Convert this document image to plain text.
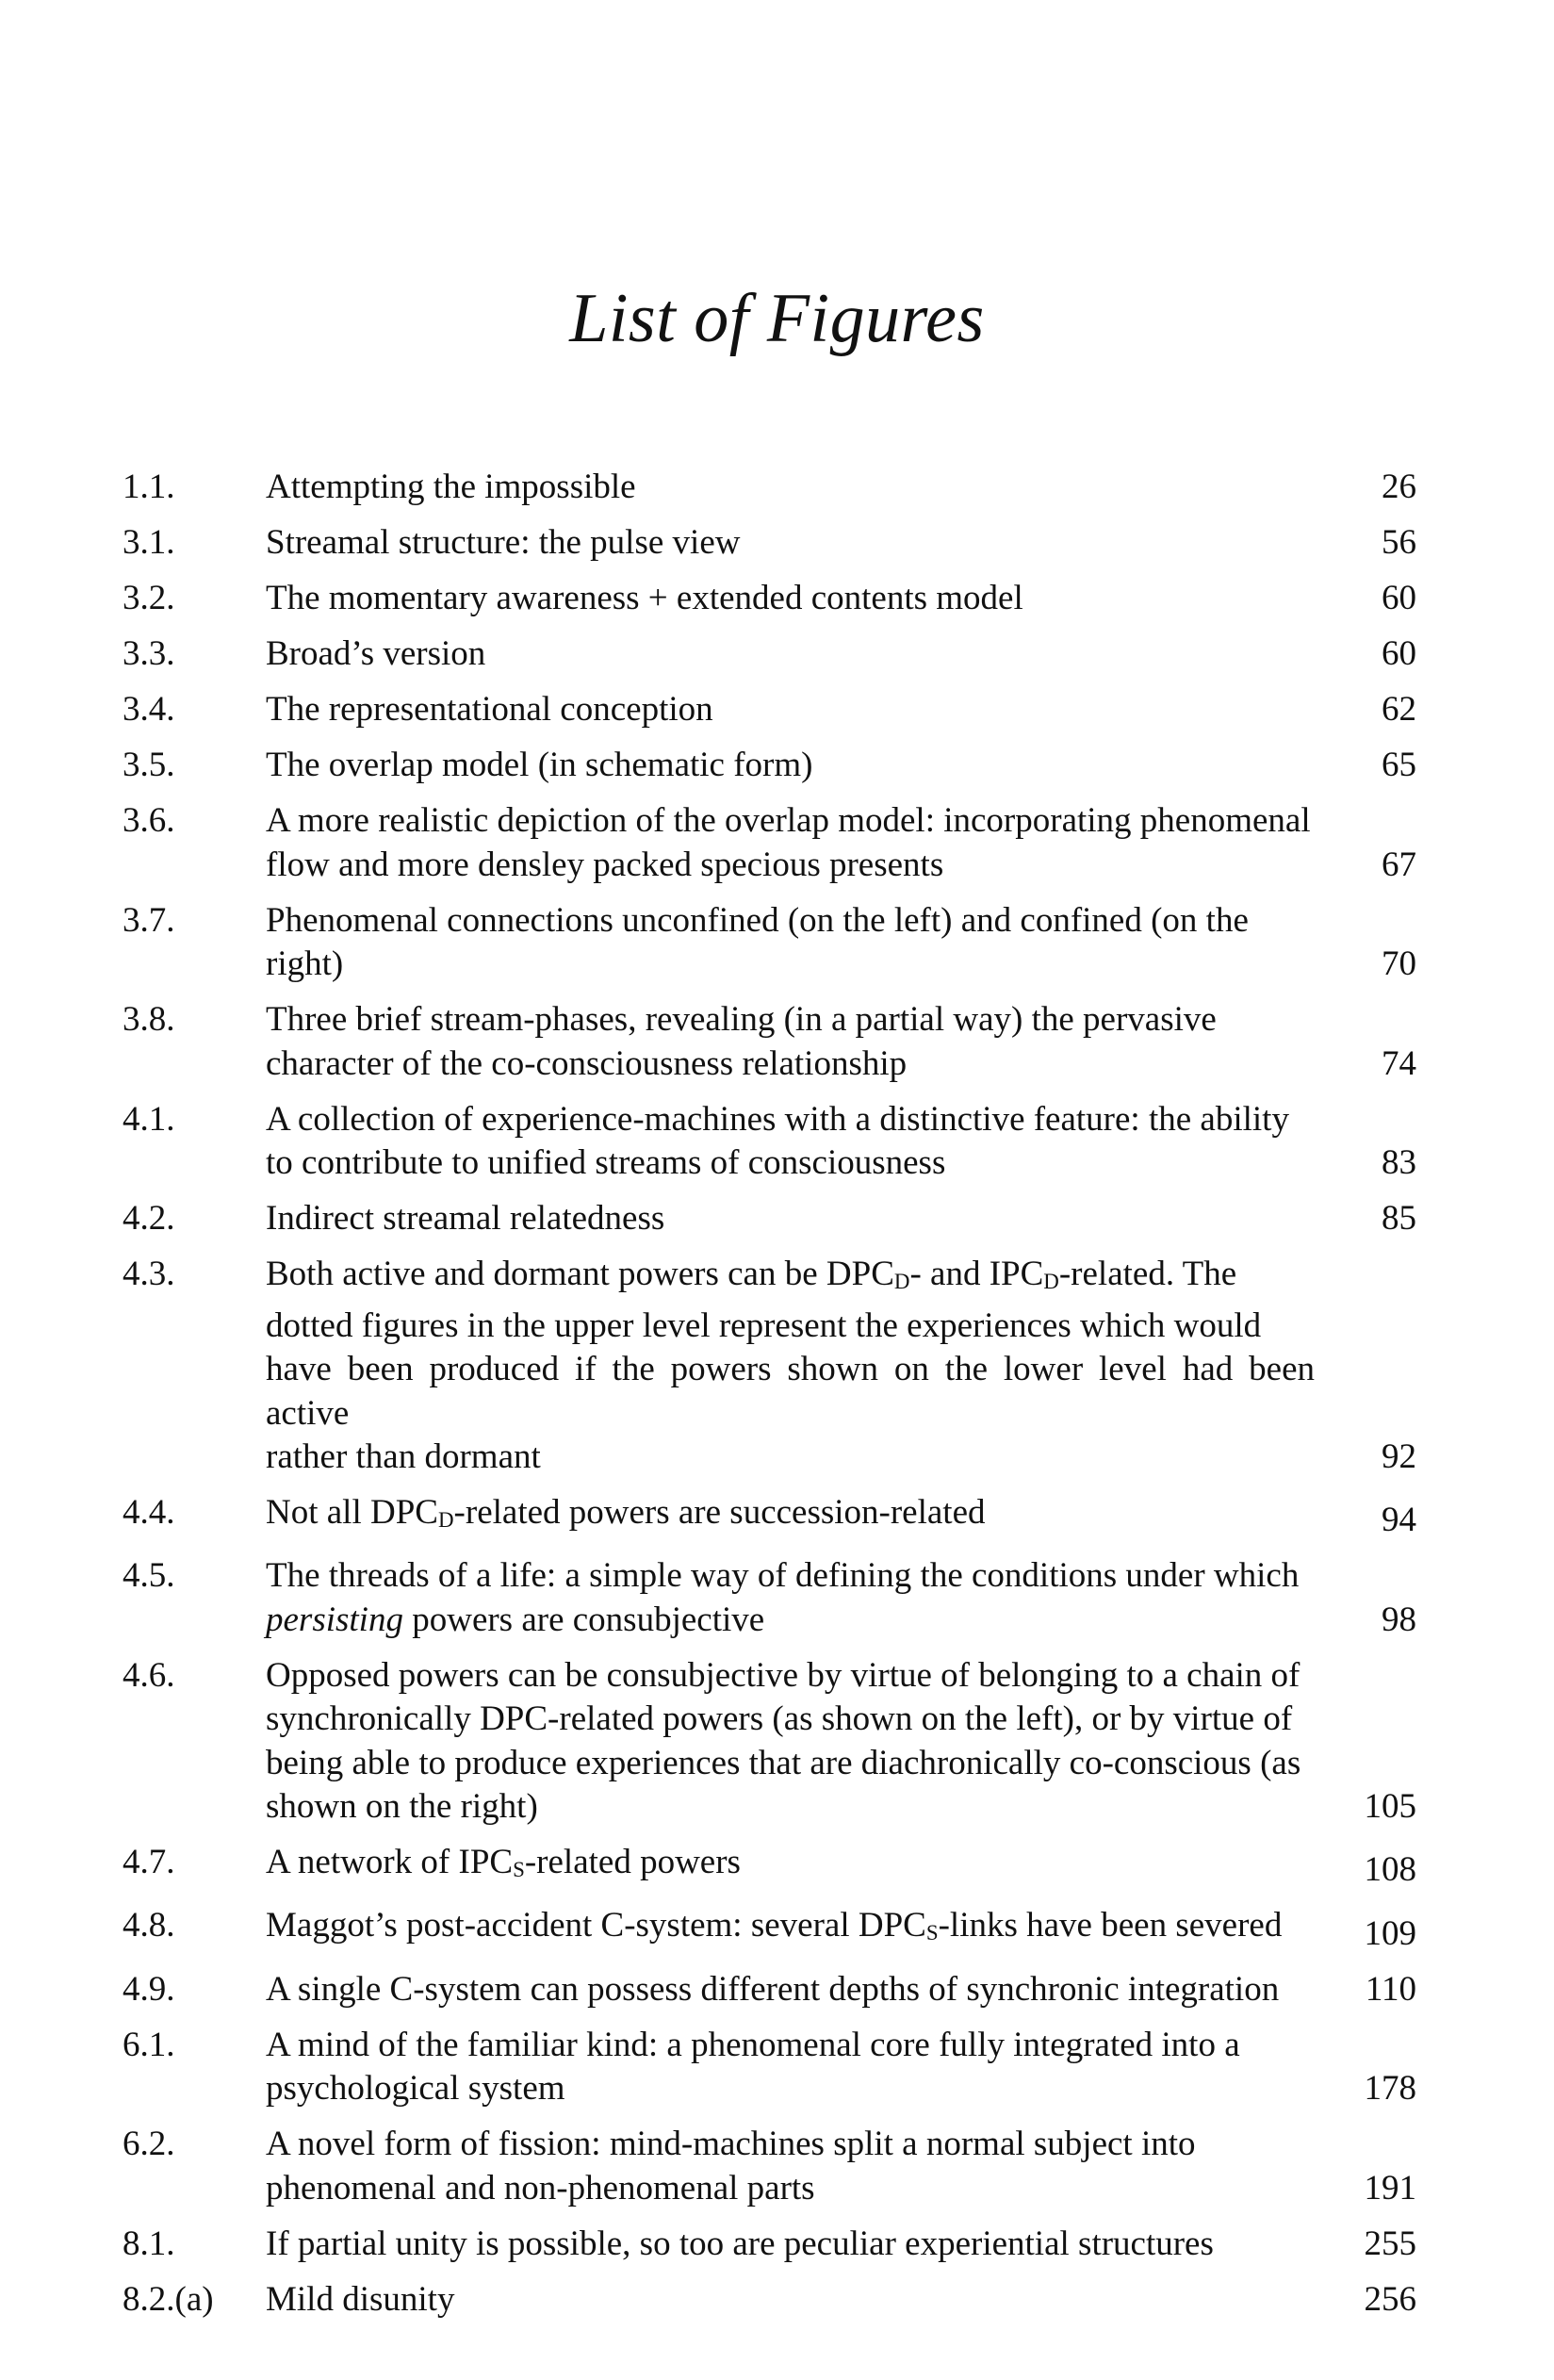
List of Figures
1.1.	Attempting the impossible	26
3.1.	Streamal structure: the pulse view	56
3.2.	The momentary awareness + extended contents model	60
3.3.	Broad’s version	60
3.4.	The representational conception	62
3.5.	The overlap model (in schematic form)	65
3.6.	A more realistic depiction of the overlap model: incorporating phenomenal
flow and more densley packed specious presents	67
3.7.	Phenomenal connections unconfined (on the left) and confined (on the
right)	70
3.8.	Three brief stream-phases, revealing (in a partial way) the pervasive
character of the co-consciousness relationship	74
4.1.	A collection of experience-machines with a distinctive feature: the ability
to contribute to unified streams of consciousness	83
4.2.	Indirect streamal relatedness	85
4.3.	Both active and dormant powers can be DPCD- and IPCD-related. The
dotted figures in the upper level represent the experiences which would
have been produced if the powers shown on the lower level had been active
rather than dormant	92
4.4.	Not all DPCD-related powers are succession-related	94
4.5.	The threads of a life: a simple way of defining the conditions under which
persisting powers are consubjective	98
4.6.	Opposed powers can be consubjective by virtue of belonging to a chain of
synchronically DPC-related powers (as shown on the left), or by virtue of
being able to produce experiences that are diachronically co-conscious (as
shown on the right)	105
4.7.	A network of IPCS-related powers	108
4.8.	Maggot’s post-accident C-system: several DPCS-links have been severed	109
4.9.	A single C-system can possess different depths of synchronic integration	110
6.1.	A mind of the familiar kind: a phenomenal core fully integrated into a
psychological system	178
6.2.	A novel form of fission: mind-machines split a normal subject into
phenomenal and non-phenomenal parts	191
8.1.	If partial unity is possible, so too are peculiar experiential structures	255
8.2.(a) Mild disunity	256
